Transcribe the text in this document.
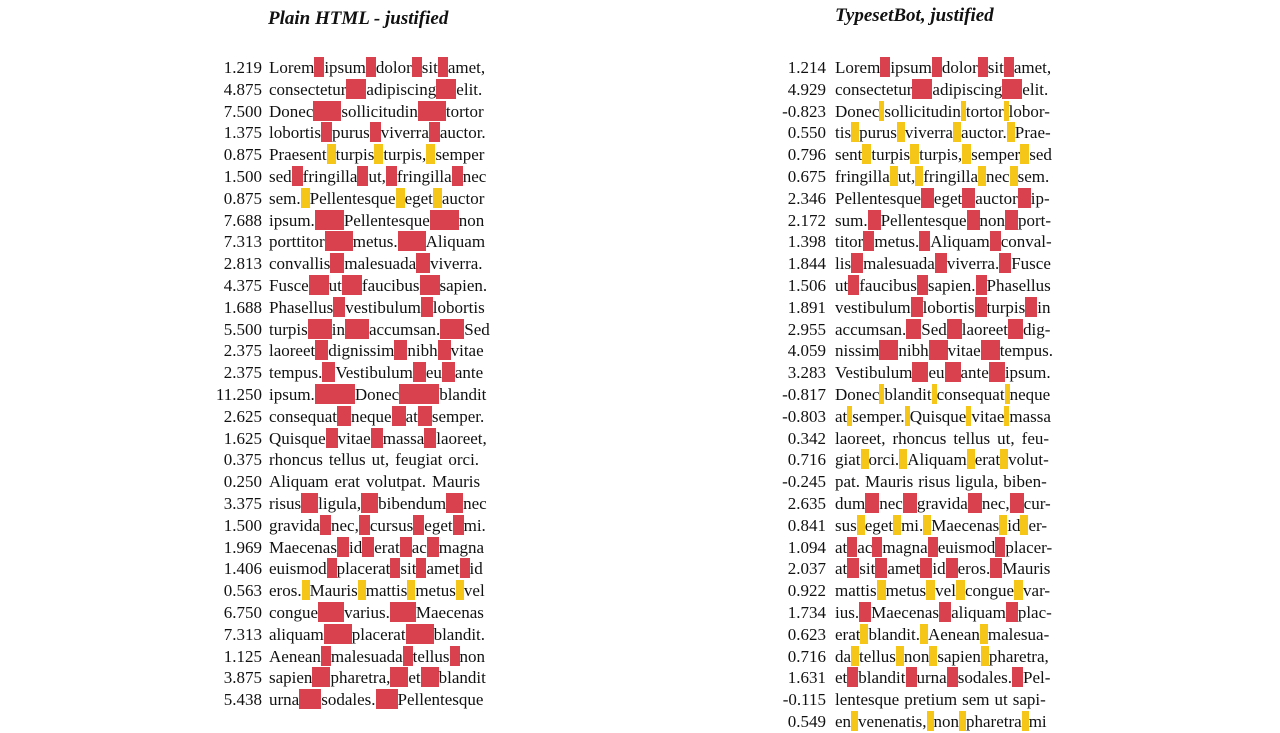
Plain HTML - justified
1.219 Lorem ipsum dolor sit amet,
4.875 consectetur adipiscing elit.
7.500 Donec sollicitudin tortor
1.375 lobortis purus viverra auctor.
0.875 Praesent turpis turpis, semper
1.500 sed fringilla ut, fringilla nec
0.875 sem. Pellentesque eget auctor
7.688 ipsum. Pellentesque non
7.313 porttitor metus. Aliquam
2.813 convallis malesuada viverra.
4.375 Fusce ut faucibus sapien.
1.688 Phasellus vestibulum lobortis
5.500 turpis in accumsan. Sed
2.375 laoreet dignissim nibh vitae
2.375 tempus. Vestibulum eu ante
11.250 ipsum. Donec blandit
2.625 consequat neque at semper.
1.625 Quisque vitae massa laoreet,
0.375 rhoncus tellus ut, feugiat orci.
0.250 Aliquam erat volutpat. Mauris
3.375 risus ligula, bibendum nec
1.500 gravida nec, cursus eget mi.
1.969 Maecenas id erat ac magna
1.406 euismod placerat sit amet id
0.563 eros. Mauris mattis metus vel
6.750 congue varius. Maecenas
7.313 aliquam placerat blandit.
1.125 Aenean malesuada tellus non
3.875 sapien pharetra, et blandit
5.438 urna sodales. Pellentesque
TypesetBot, justified
1.214 Lorem ipsum dolor sit amet,
4.929 consectetur adipiscing elit.
-0.823 Donec sollicitudin tortor lobor-
0.550 tis purus viverra auctor. Prae-
0.796 sent turpis turpis, semper sed
0.675 fringilla ut, fringilla nec sem.
2.346 Pellentesque eget auctor ip-
2.172 sum. Pellentesque non port-
1.398 titor metus. Aliquam conval-
1.844 lis malesuada viverra. Fusce
1.506 ut faucibus sapien. Phasellus
1.891 vestibulum lobortis turpis in
2.955 accumsan. Sed laoreet dig-
4.059 nissim nibh vitae tempus.
3.283 Vestibulum eu ante ipsum.
-0.817 Donec blandit consequat neque
-0.803 at semper. Quisque vitae massa
0.342 laoreet, rhoncus tellus ut, feu-
0.716 giat orci. Aliquam erat volut-
-0.245 pat. Mauris risus ligula, biben-
2.635 dum nec gravida nec, cur-
0.841 sus eget mi. Maecenas id er-
1.094 at ac magna euismod placer-
2.037 at sit amet id eros. Mauris
0.922 mattis metus vel congue var-
1.734 ius. Maecenas aliquam plac-
0.623 erat blandit. Aenean malesua-
0.716 da tellus non sapien pharetra,
1.631 et blandit urna sodales. Pel-
-0.115 lentesque pretium sem ut sapi-
0.549 en venenatis, non pharetra mi
